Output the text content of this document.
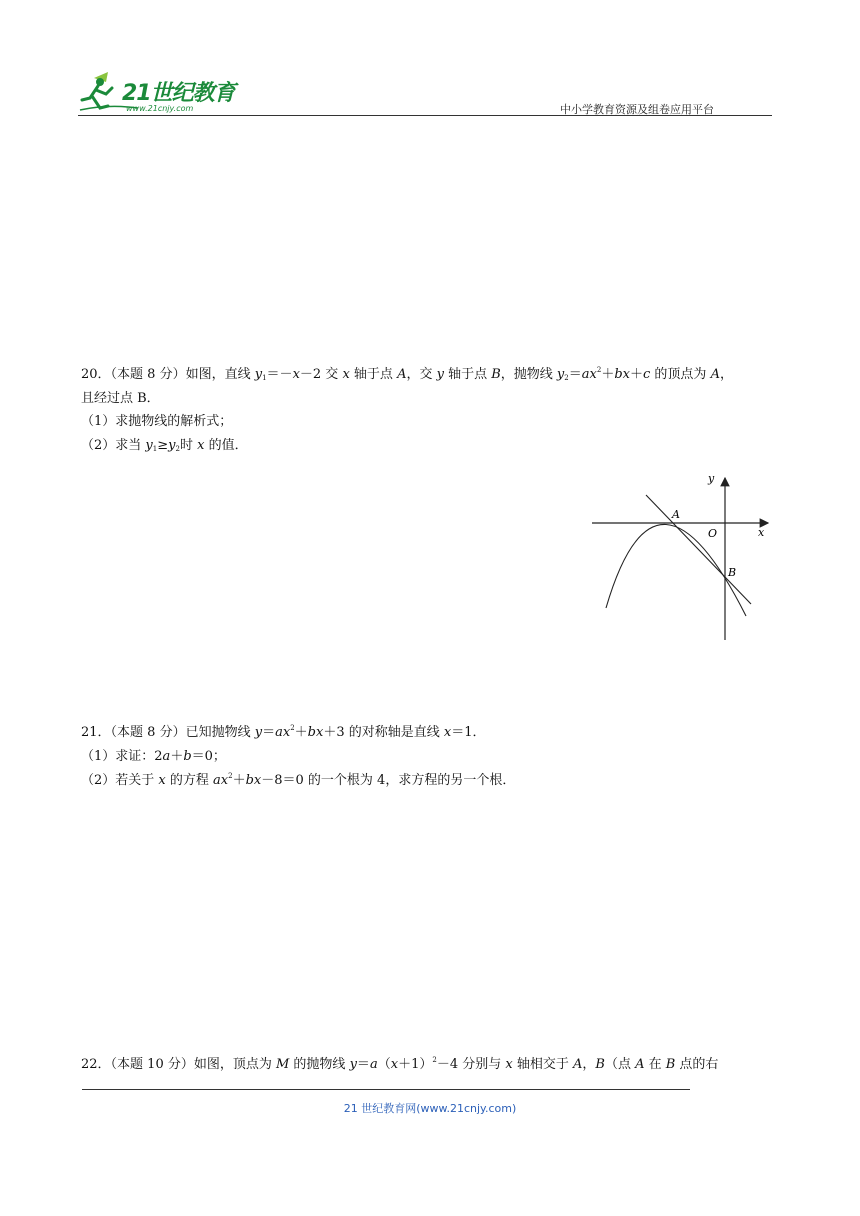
21世纪教育
www.21cnjy.com	中小学教育资源及组卷应用平台
20．（本题 8 分）如图，直线 $y_1=-x-2$ 交 x 轴于点 A，交 y 轴于点 B，抛物线 $y_2=ax^2+bx+c$ 的顶点为 A，
且经过点 B．
（1）求抛物线的解析式；
（2）求当 $y_1\ge y_2$时 x 的值．
y
x
A
O
B
21．（本题 8 分）已知抛物线 $y=ax^2+bx+3$ 的对称轴是直线 x＝1．
（1）求证：2a＋b＝0；
（2）若关于 x 的方程 $ax^2+bx-8=0$ 的一个根为 4，求方程的另一个根．
22．（本题 10 分）如图，顶点为 M 的抛物线 $y=a(x+1)^2-4$ 分别与 x 轴相交于 A，B（点 A 在 B 点的右
21 世纪教育网(www.21cnjy.com)
